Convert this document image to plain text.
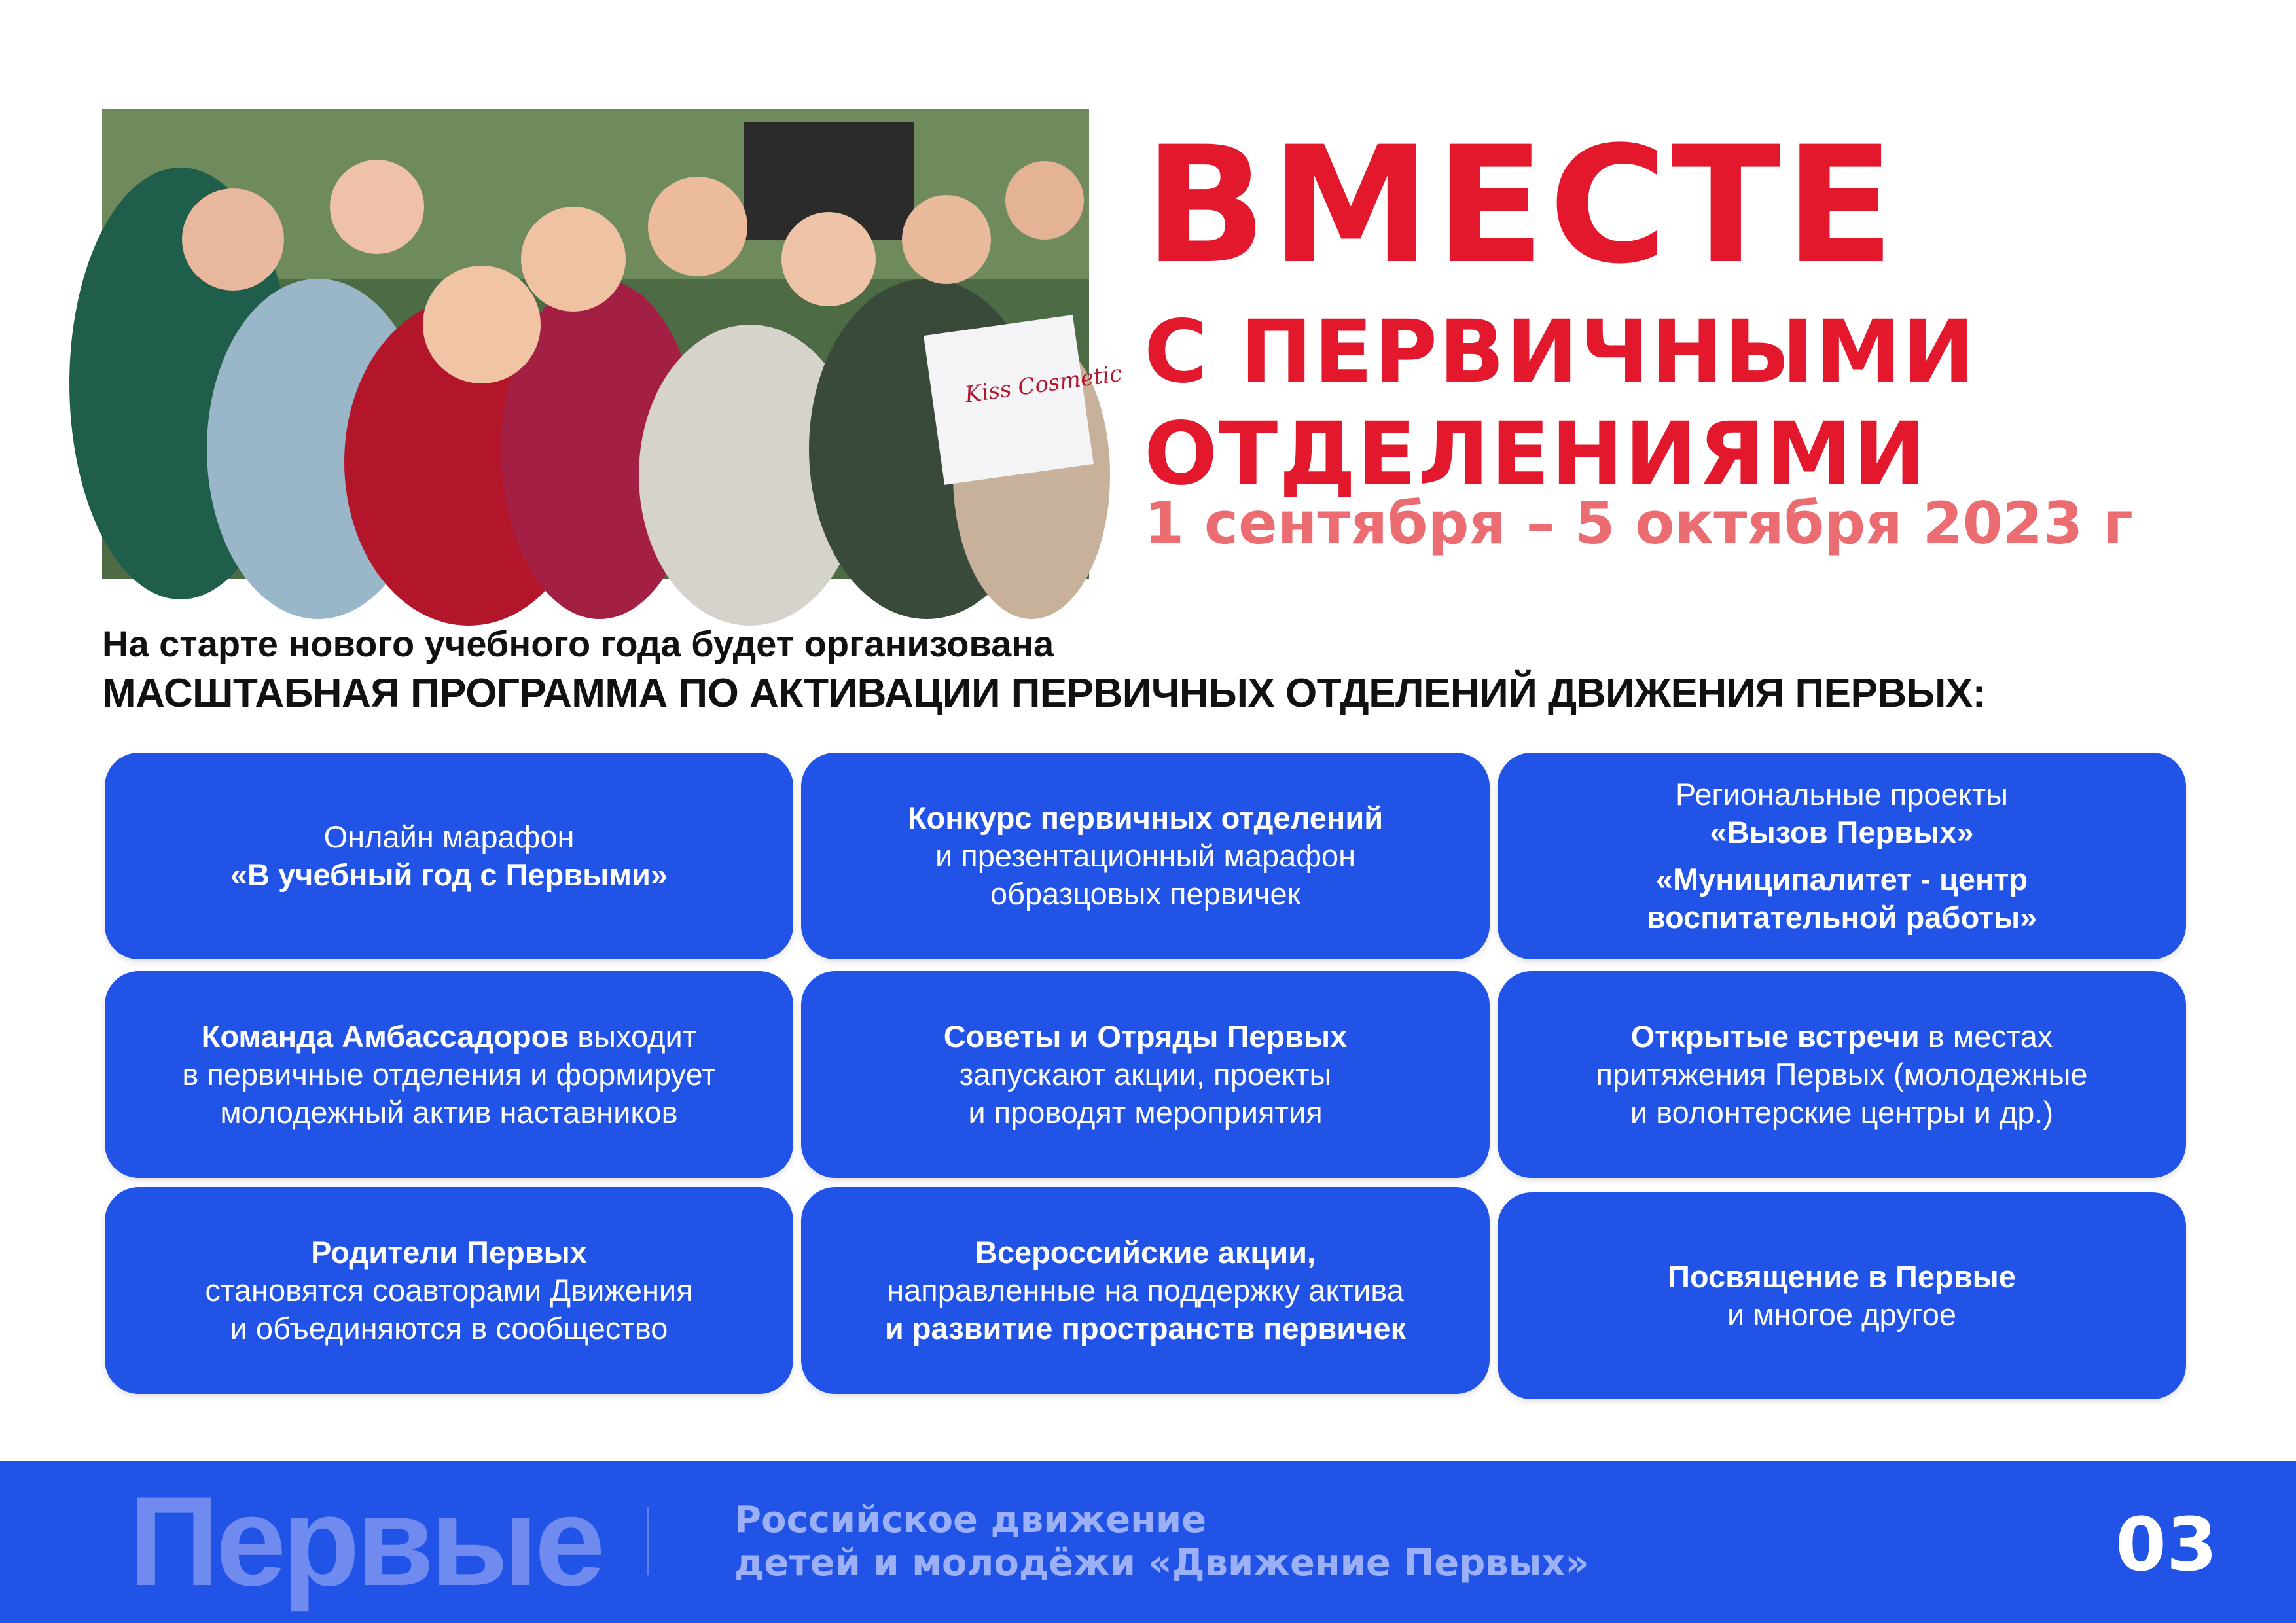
Kiss Cosmetic
ВМЕСТЕ
С ПЕРВИЧНЫМИ
ОТДЕЛЕНИЯМИ
1 сентября – 5 октября 2023 г
На старте нового учебного года будет организована
МАСШТАБНАЯ ПРОГРАММА ПО АКТИВАЦИИ ПЕРВИЧНЫХ ОТДЕЛЕНИЙ ДВИЖЕНИЯ ПЕРВЫХ:
Онлайн марафон
«В учебный год с Первыми»
Конкурс первичных отделений
и презентационный марафон
образцовых первичек
Региональные проекты
«Вызов Первых»
«Муниципалитет - центр
воспитательной работы»
Команда Амбассадоров выходит
в первичные отделения и формирует
молодежный актив наставников
Советы и Отряды Первых
запускают акции, проекты
и проводят мероприятия
Открытые встречи в местах
притяжения Первых (молодежные
и волонтерские центры и др.)
Родители Первых
становятся соавторами Движения
и объединяются в сообщество
Всероссийские акции,
направленные на поддержку актива
и развитие пространств первичек
Посвящение в Первые
и многое другое
Первые	Российское движение
детей и молодёжи «Движение Первых»	03
